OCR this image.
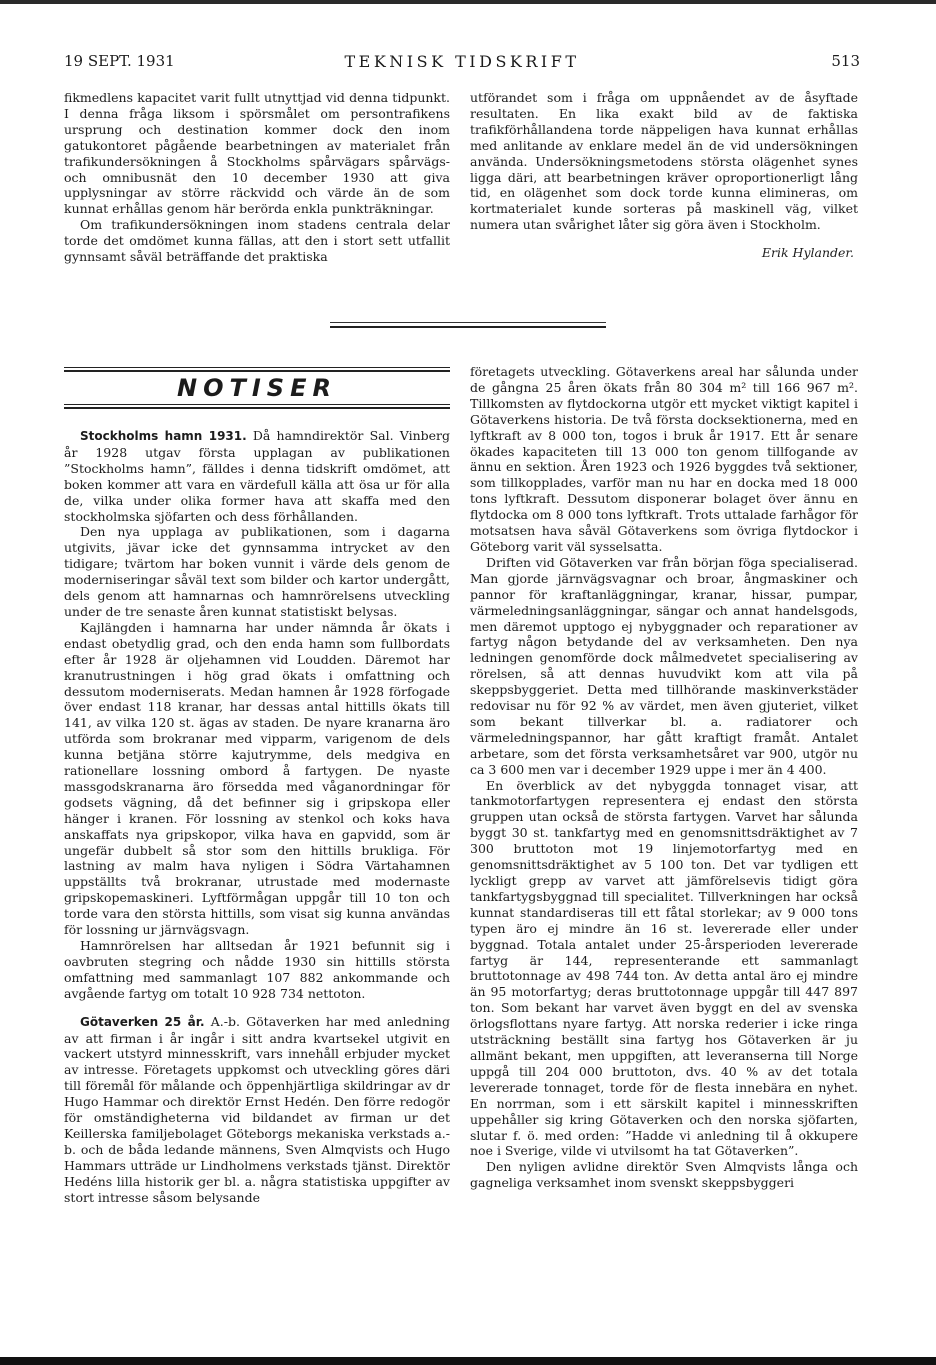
TEKNISK TIDSKRIFT
19 SEPT. 1931	513

fikmedlens kapacitet varit fullt utnyttjad vid denna tidpunkt. I denna fråga liksom i spörsmålet om persontrafikens ursprung och destination kommer dock den inom gatukontoret pågående bearbetningen av materialet från trafikundersökningen å Stockholms spårvägars spårvägs- och omnibusnät den 10 december 1930 att giva upplysningar av större räckvidd och värde än de som kunnat erhållas genom här berörda enkla punkträkningar.

Om trafikundersökningen inom stadens centrala delar torde det omdömet kunna fällas, att den i stort sett utfallit gynnsamt såväl beträffande det praktiska

utförandet som i fråga om uppnåendet av de åsyftade resultaten. En lika exakt bild av de faktiska trafikförhållandena torde näppeligen hava kunnat erhållas med anlitande av enklare medel än de vid undersökningen använda. Undersökningsmetodens största olägenhet synes ligga däri, att bearbetningen kräver oproportionerligt lång tid, en olägenhet som dock torde kunna elimineras, om kortmaterialet kunde sorteras på maskinell väg, vilket numera utan svårighet låter sig göra även i Stockholm.

Erik Hylander.
NOTISER

Stockholms hamn 1931. Då hamndirektör Sal. Vinberg år 1928 utgav första upplagan av publikationen ”Stockholms hamn”, fälldes i denna tidskrift omdömet, att boken kommer att vara en värdefull källa att ösa ur för alla de, vilka under olika former hava att skaffa med den stockholmska sjöfarten och dess förhållanden.

Den nya upplaga av publikationen, som i dagarna utgivits, jävar icke det gynnsamma intrycket av den tidigare; tvärtom har boken vunnit i värde dels genom de moderniseringar såväl text som bilder och kartor undergått, dels genom att hamnarnas och hamnrörelsens utveckling under de tre senaste åren kunnat statistiskt belysas.

Kajlängden i hamnarna har under nämnda år ökats i endast obetydlig grad, och den enda hamn som fullbordats efter år 1928 är oljehamnen vid Loudden. Däremot har kranutrustningen i hög grad ökats i omfattning och dessutom moderniserats. Medan hamnen år 1928 förfogade över endast 118 kranar, har dessas antal hittills ökats till 141, av vilka 120 st. ägas av staden. De nyare kranarna äro utförda som brokranar med vipparm, varigenom de dels kunna betjäna större kajutrymme, dels medgiva en rationellare lossning ombord å fartygen. De nyaste massgodskranarna äro försedda med våganordningar för godsets vägning, då det befinner sig i gripskopa eller hänger i kranen. För lossning av stenkol och koks hava anskaffats nya gripskopor, vilka hava en gapvidd, som är ungefär dubbelt så stor som den hittills brukliga. För lastning av malm hava nyligen i Södra Värtahamnen uppställts två brokranar, utrustade med modernaste gripskopemaskineri. Lyftförmågan uppgår till 10 ton och torde vara den största hittills, som visat sig kunna användas för lossning ur järnvägsvagn.

Hamnrörelsen har alltsedan år 1921 befunnit sig i oavbruten stegring och nådde 1930 sin hittills största omfattning med sammanlagt 107 882 ankommande och avgående fartyg om totalt 10 928 734 nettoton.

Götaverken 25 år. A.-b. Götaverken har med anledning av att firman i år ingår i sitt andra kvartsekel utgivit en vackert utstyrd minnesskrift, vars innehåll erbjuder mycket av intresse. Företagets uppkomst och utveckling göres däri till föremål för målande och öppenhjärtliga skildringar av dr Hugo Hammar och direktör Ernst Hedén. Den förre redogör för omständigheterna vid bildandet av firman ur det Keillerska familjebolaget Göteborgs mekaniska verkstads a.-b. och de båda ledande männens, Sven Almqvists och Hugo Hammars utträde ur Lindholmens verkstads tjänst. Direktör Hedéns lilla historik ger bl. a. några statistiska uppgifter av stort intresse såsom belysande

företagets utveckling. Götaverkens areal har sålunda under de gångna 25 åren ökats från 80 304 m² till 166 967 m². Tillkomsten av flytdockorna utgör ett mycket viktigt kapitel i Götaverkens historia. De två första docksektionerna, med en lyftkraft av 8 000 ton, togos i bruk år 1917. Ett år senare ökades kapaciteten till 13 000 ton genom tillfogande av ännu en sektion. Åren 1923 och 1926 byggdes två sektioner, som tillkopplades, varför man nu har en docka med 18 000 tons lyftkraft. Dessutom disponerar bolaget över ännu en flytdocka om 8 000 tons lyftkraft. Trots uttalade farhågor för motsatsen hava såväl Götaverkens som övriga flytdockor i Göteborg varit väl sysselsatta.

Driften vid Götaverken var från början föga specialiserad. Man gjorde järnvägsvagnar och broar, ångmaskiner och pannor för kraftanläggningar, kranar, hissar, pumpar, värmeledningsanläggningar, sängar och annat handelsgods, men däremot upptogo ej nybyggnader och reparationer av fartyg någon betydande del av verksamheten. Den nya ledningen genomförde dock målmedvetet specialisering av rörelsen, så att dennas huvudvikt kom att vila på skeppsbyggeriet. Detta med tillhörande maskinverkstäder redovisar nu för 92 % av värdet, men även gjuteriet, vilket som bekant tillverkar bl. a. radiatorer och värmeledningspannor, har gått kraftigt framåt. Antalet arbetare, som det första verksamhetsåret var 900, utgör nu ca 3 600 men var i december 1929 uppe i mer än 4 400.

En överblick av det nybyggda tonnaget visar, att tankmotorfartygen representera ej endast den största gruppen utan också de största fartygen. Varvet har sålunda byggt 30 st. tankfartyg med en genomsnittsdräktighet av 7 300 bruttoton mot 19 linjemotorfartyg med en genomsnittsdräktighet av 5 100 ton. Det var tydligen ett lyckligt grepp av varvet att jämförelsevis tidigt göra tankfartygsbyggnad till specialitet. Tillverkningen har också kunnat standardiseras till ett fåtal storlekar; av 9 000 tons typen äro ej mindre än 16 st. levererade eller under byggnad. Totala antalet under 25-årsperioden levererade fartyg är 144, representerande ett sammanlagt bruttotonnage av 498 744 ton. Av detta antal äro ej mindre än 95 motorfartyg; deras bruttotonnage uppgår till 447 897 ton. Som bekant har varvet även byggt en del av svenska örlogsflottans nyare fartyg. Att norska rederier i icke ringa utsträckning beställt sina fartyg hos Götaverken är ju allmänt bekant, men uppgiften, att leveranserna till Norge uppgå till 204 000 bruttoton, dvs. 40 % av det totala levererade tonnaget, torde för de flesta innebära en nyhet. En norrman, som i ett särskilt kapitel i minnesskriften uppehåller sig kring Götaverken och den norska sjöfarten, slutar f. ö. med orden: ”Hadde vi anledning til å okkupere noe i Sverige, vilde vi utvilsomt ha tat Götaverken”.

Den nyligen avlidne direktör Sven Almqvists långa och gagneliga verksamhet inom svenskt skeppsbyggeri
